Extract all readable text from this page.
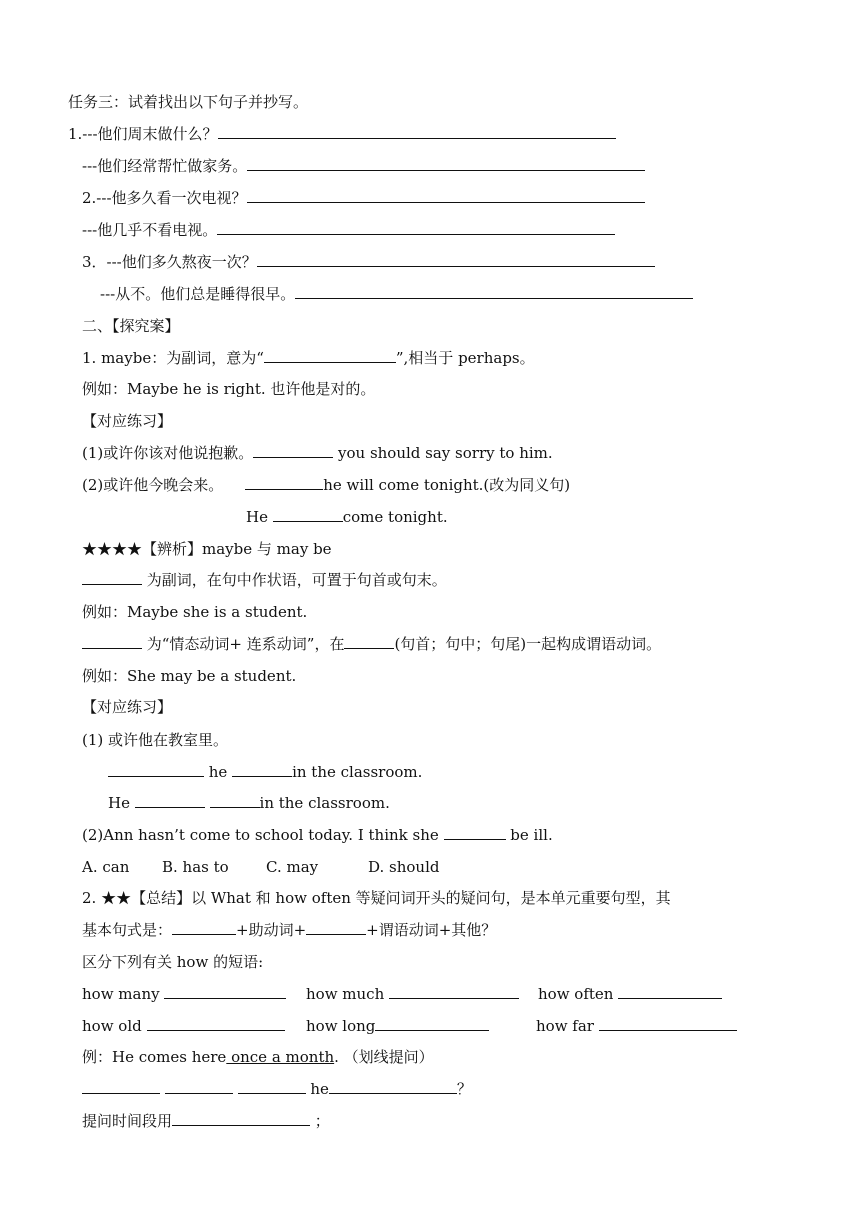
任务三：试着找出以下句子并抄写。
1.---他们周末做什么？
---他们经常帮忙做家务。
2.---他多久看一次电视？
---他几乎不看电视。
3．---他们多久熬夜一次？
---从不。他们总是睡得很早。
二、【探究案】
1. maybe：为副词，意为“	”,相当于 perhaps。
例如：Maybe he is right. 也许他是对的。
【对应练习】
(1)或许你该对他说抱歉。	you should say sorry to him.
(2)或许他今晚会来。	he will come tonight.(改为同义句)
He	come tonight.
★★★★【辨析】maybe 与 may be
为副词，在句中作状语，可置于句首或句末。
例如：Maybe she is a student.
为“情态动词+ 连系动词”，在	(句首；句中；句尾)一起构成谓语动词。
例如：She may be a student.
【对应练习】
(1) 或许他在教室里。
he	in the classroom.
He	in the classroom.
(2)Ann hasn’t come to school today. I think she	be ill.
A. can B. has to C. may	D. should
2. ★★【总结】以 What 和 how often 等疑问词开头的疑问句，是本单元重要句型，其
基本句式是：	+助动词+	+谓语动词+其他？
区分下列有关 how 的短语:
how many	how much	how often
how old	how long	how far
例：He comes here once a month. （划线提问）
he	？
提问时间段用	；
